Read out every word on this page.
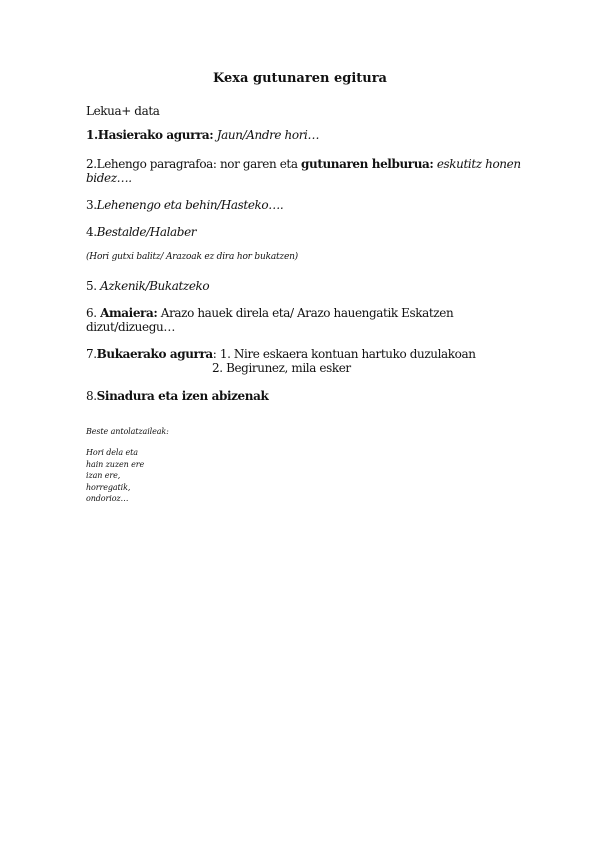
Kexa gutunaren egitura
Lekua+ data
1.Hasierako agurra: Jaun/Andre hori…
2.Lehengo paragrafoa: nor garen eta gutunaren helburua: eskutitz honen
bidez….
3.Lehenengo eta behin/Hasteko….
4.Bestalde/Halaber
(Hori gutxi balitz/ Arazoak ez dira hor bukatzen)
5. Azkenik/Bukatzeko
6. Amaiera: Arazo hauek direla eta/ Arazo hauengatik Eskatzen
dizut/dizuegu…
7.Bukaerako agurra: 1. Nire eskaera kontuan hartuko duzulakoan
2. Begirunez, mila esker
8.Sinadura eta izen abizenak
Beste antolatzaileak:
Hori dela eta
hain zuzen ere
izan ere,
horregatik,
ondorioz…
